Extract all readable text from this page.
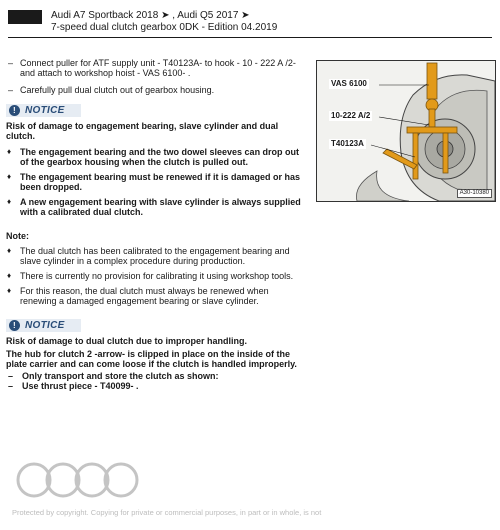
Audi A7 Sportback 2018 ➤ , Audi Q5 2017 ➤
7-speed dual clutch gearbox 0DK - Edition 04.2019
– Connect puller for ATF supply unit - T40123A- to hook - 10 - 222 A /2- and attach to workshop hoist - VAS 6100- .
– Carefully pull dual clutch out of gearbox housing.
! NOTICE
Risk of damage to engagement bearing, slave cylinder and dual clutch.
♦ The engagement bearing and the two dowel sleeves can drop out of the gearbox housing when the clutch is pulled out.
♦ The engagement bearing must be renewed if it is damaged or has been dropped.
♦ A new engagement bearing with slave cylinder is always supplied with a calibrated dual clutch.
Note:
♦ The dual clutch has been calibrated to the engagement bearing and slave cylinder in a complex procedure during production.
♦ There is currently no provision for calibrating it using workshop tools.
♦ For this reason, the dual clutch must always be renewed when renewing a damaged engagement bearing or slave cylinder.
! NOTICE
Risk of damage to dual clutch due to improper handling.
The hub for clutch 2 -arrow- is clipped in place on the inside of the plate carrier and can come loose if the clutch is handled improperly.
– Only transport and store the clutch as shown:
– Use thrust piece - T40099- .
VAS 6100
10-222 A/2
T40123A
A30-10380
Protected by copyright. Copying for private or commercial purposes, in part or in whole, is not
